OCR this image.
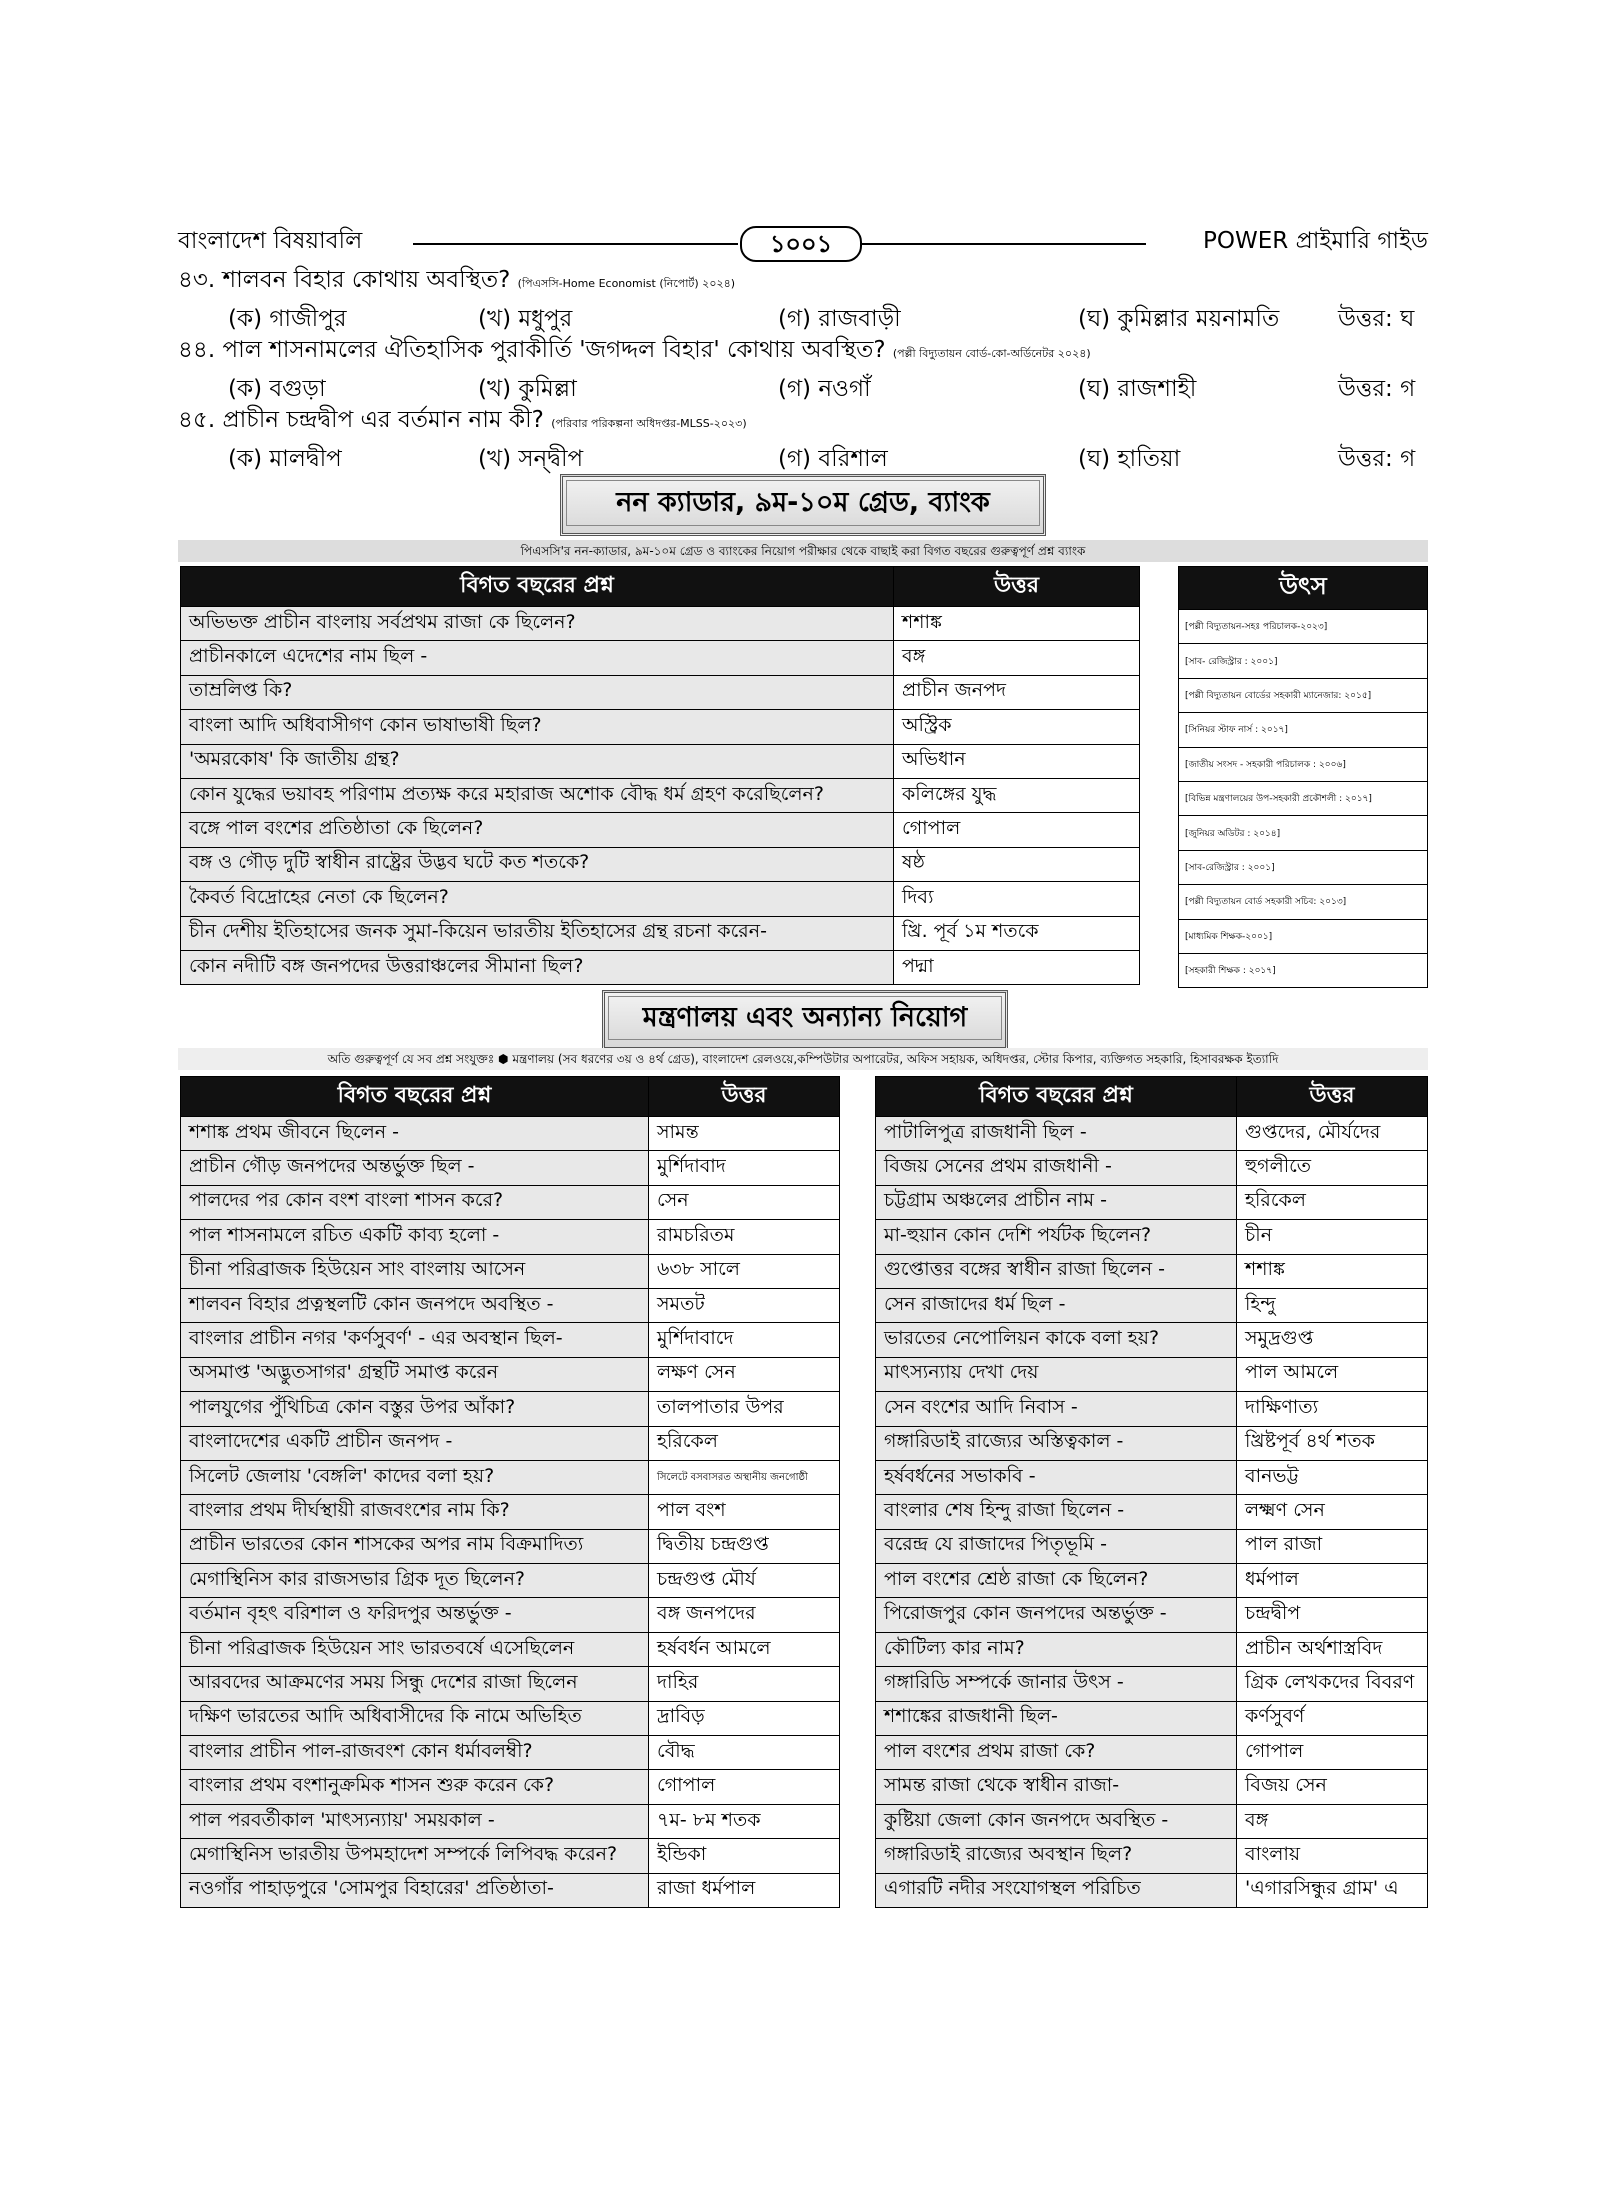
বাংলাদেশ বিষয়াবলি	১০০১	POWER প্রাইমারি গাইড
৪৩. শালবন বিহার কোথায় অবস্থিত? (পিএসসি-Home Economist (নিপোর্ট) ২০২৪)
(ক) গাজীপুর	(খ) মধুপুর	(গ) রাজবাড়ী	(ঘ) কুমিল্লার ময়নামতি	উত্তর: ঘ
৪৪. পাল শাসনামলের ঐতিহাসিক পুরাকীর্তি 'জগদ্দল বিহার' কোথায় অবস্থিত? (পল্লী বিদ্যুতায়ন বোর্ড-কো-অর্ডিনেটর ২০২৪)
(ক) বগুড়া	(খ) কুমিল্লা	(গ) নওগাঁ	(ঘ) রাজশাহী	উত্তর: গ
৪৫. প্রাচীন চন্দ্রদ্বীপ এর বর্তমান নাম কী? (পরিবার পরিকল্পনা অধিদপ্তর-MLSS-২০২৩)
(ক) মালদ্বীপ	(খ) সন্দ্বীপ	(গ) বরিশাল	(ঘ) হাতিয়া	উত্তর: গ
নন ক্যাডার, ৯ম-১০ম গ্রেড, ব্যাংক
পিএসসি'র নন-ক্যাডার, ৯ম-১০ম গ্রেড ও ব্যাংকের নিয়োগ পরীক্ষার থেকে বাছাই করা বিগত বছরের গুরুত্বপূর্ণ প্রশ্ন ব্যাংক
বিগত বছরের প্রশ্ন	উত্তর
অভিভক্ত প্রাচীন বাংলায় সর্বপ্রথম রাজা কে ছিলেন?	শশাঙ্ক
প্রাচীনকালে এদেশের নাম ছিল -	বঙ্গ
তাম্রলিপ্ত কি?	প্রাচীন জনপদ
বাংলা আদি অধিবাসীগণ কোন ভাষাভাষী ছিল?	অস্ট্রিক
'অমরকোষ' কি জাতীয় গ্রন্থ?	অভিধান
কোন যুদ্ধের ভয়াবহ পরিণাম প্রত্যক্ষ করে মহারাজ অশোক বৌদ্ধ ধর্ম গ্রহণ করেছিলেন?	কলিঙ্গের যুদ্ধ
বঙ্গে পাল বংশের প্রতিষ্ঠাতা কে ছিলেন?	গোপাল
বঙ্গ ও গৌড় দুটি স্বাধীন রাষ্ট্রের উদ্ভব ঘটে কত শতকে?	ষষ্ঠ
কৈবর্ত বিদ্রোহের নেতা কে ছিলেন?	দিব্য
চীন দেশীয় ইতিহাসের জনক সুমা-কিয়েন ভারতীয় ইতিহাসের গ্রন্থ রচনা করেন-	খ্রি. পূর্ব ১ম শতকে
কোন নদীটি বঙ্গ জনপদের উত্তরাঞ্চলের সীমানা ছিল?	পদ্মা
উৎস
[পল্লী বিদ্যুতায়ন-সহঃ পরিচালক-২০২৩]
[সাব- রেজিস্ট্রার : ২০০১]
[পল্লী বিদ্যুতায়ন বোর্ডের সহকারী ম্যানেজার: ২০১৫]
[সিনিয়র স্টাফ নার্স : ২০১৭]
[জাতীয় সংসদ - সহকারী পরিচালক : ২০০৬]
[বিভিন্ন মন্ত্রণালয়ের উপ-সহকারী প্রকৌশলী : ২০১৭]
[জুনিয়র অডিটর : ২০১৪]
[সাব-রেজিস্ট্রার : ২০০১]
[পল্লী বিদ্যুতায়ন বোর্ড সহকারী সচিব: ২০১৩]
[মাধ্যমিক শিক্ষক-২০০১]
[সহকারী শিক্ষক : ২০১৭]
মন্ত্রণালয় এবং অন্যান্য নিয়োগ
অতি গুরুত্বপূর্ণ যে সব প্রশ্ন সংযুক্তঃ ⬢ মন্ত্রণালয় (সব ধরণের ৩য় ও ৪র্থ গ্রেড), বাংলাদেশ রেলওয়ে,কম্পিউটার অপারেটর, অফিস সহায়ক, অধিদপ্তর, স্টোর কিপার, ব্যক্তিগত সহকারি, হিসাবরক্ষক ইত্যাদি
বিগত বছরের প্রশ্ন	উত্তর
শশাঙ্ক প্রথম জীবনে ছিলেন -	সামন্ত
প্রাচীন গৌড় জনপদের অন্তর্ভুক্ত ছিল -	মুর্শিদাবাদ
পালদের পর কোন বংশ বাংলা শাসন করে?	সেন
পাল শাসনামলে রচিত একটি কাব্য হলো -	রামচরিতম
চীনা পরিব্রাজক হিউয়েন সাং বাংলায় আসেন	৬৩৮ সালে
শালবন বিহার প্রত্নস্থলটি কোন জনপদে অবস্থিত -	সমতট
বাংলার প্রাচীন নগর 'কর্ণসুবর্ণ' - এর অবস্থান ছিল-	মুর্শিদাবাদে
অসমাপ্ত 'অদ্ভুতসাগর' গ্রন্থটি সমাপ্ত করেন	লক্ষণ সেন
পালযুগের পুঁথিচিত্র কোন বস্তুর উপর আঁকা?	তালপাতার উপর
বাংলাদেশের একটি প্রাচীন জনপদ -	হরিকেল
সিলেট জেলায় 'বেঙ্গলি' কাদের বলা হয়?	সিলেটে বসবাসরত অস্থানীয় জনগোষ্ঠী
বাংলার প্রথম দীর্ঘস্থায়ী রাজবংশের নাম কি?	পাল বংশ
প্রাচীন ভারতের কোন শাসকের অপর নাম বিক্রমাদিত্য	দ্বিতীয় চন্দ্রগুপ্ত
মেগাস্থিনিস কার রাজসভার গ্রিক দূত ছিলেন?	চন্দ্রগুপ্ত মৌর্য
বর্তমান বৃহৎ বরিশাল ও ফরিদপুর অন্তর্ভুক্ত -	বঙ্গ জনপদের
চীনা পরিব্রাজক হিউয়েন সাং ভারতবর্ষে এসেছিলেন	হর্ষবর্ধন আমলে
আরবদের আক্রমণের সময় সিন্ধু দেশের রাজা ছিলেন	দাহির
দক্ষিণ ভারতের আদি অধিবাসীদের কি নামে অভিহিত	দ্রাবিড়
বাংলার প্রাচীন পাল-রাজবংশ কোন ধর্মাবলম্বী?	বৌদ্ধ
বাংলার প্রথম বংশানুক্রমিক শাসন শুরু করেন কে?	গোপাল
পাল পরবর্তীকাল 'মাৎস্যন্যায়' সময়কাল -	৭ম- ৮ম শতক
মেগাস্থিনিস ভারতীয় উপমহাদেশ সম্পর্কে লিপিবদ্ধ করেন?	ইন্ডিকা
নওগাঁর পাহাড়পুরে 'সোমপুর বিহারের' প্রতিষ্ঠাতা-	রাজা ধর্মপাল
বিগত বছরের প্রশ্ন	উত্তর
পাটালিপুত্র রাজধানী ছিল -	গুপ্তদের, মৌর্যদের
বিজয় সেনের প্রথম রাজধানী -	হুগলীতে
চট্টগ্রাম অঞ্চলের প্রাচীন নাম -	হরিকেল
মা-হুয়ান কোন দেশি পর্যটক ছিলেন?	চীন
গুপ্তোত্তর বঙ্গের স্বাধীন রাজা ছিলেন -	শশাঙ্ক
সেন রাজাদের ধর্ম ছিল -	হিন্দু
ভারতের নেপোলিয়ন কাকে বলা হয়?	সমুদ্রগুপ্ত
মাৎস্যন্যায় দেখা দেয়	পাল আমলে
সেন বংশের আদি নিবাস -	দাক্ষিণাত্য
গঙ্গারিডাই রাজ্যের অস্তিত্বকাল -	খ্রিষ্টপূর্ব ৪র্থ শতক
হর্ষবর্ধনের সভাকবি -	বানভট্ট
বাংলার শেষ হিন্দু রাজা ছিলেন -	লক্ষ্মণ সেন
বরেন্দ্র যে রাজাদের পিতৃভূমি -	পাল রাজা
পাল বংশের শ্রেষ্ঠ রাজা কে ছিলেন?	ধর্মপাল
পিরোজপুর কোন জনপদের অন্তর্ভুক্ত -	চন্দ্রদ্বীপ
কৌটিল্য কার নাম?	প্রাচীন অর্থশাস্ত্রবিদ
গঙ্গারিডি সম্পর্কে জানার উৎস -	গ্রিক লেখকদের বিবরণ
শশাঙ্কের রাজধানী ছিল-	কর্ণসুবর্ণ
পাল বংশের প্রথম রাজা কে?	গোপাল
সামন্ত রাজা থেকে স্বাধীন রাজা-	বিজয় সেন
কুষ্টিয়া জেলা কোন জনপদে অবস্থিত -	বঙ্গ
গঙ্গারিডাই রাজ্যের অবস্থান ছিল?	বাংলায়
এগারটি নদীর সংযোগস্থল পরিচিত	'এগারসিন্ধুর গ্রাম' এ
